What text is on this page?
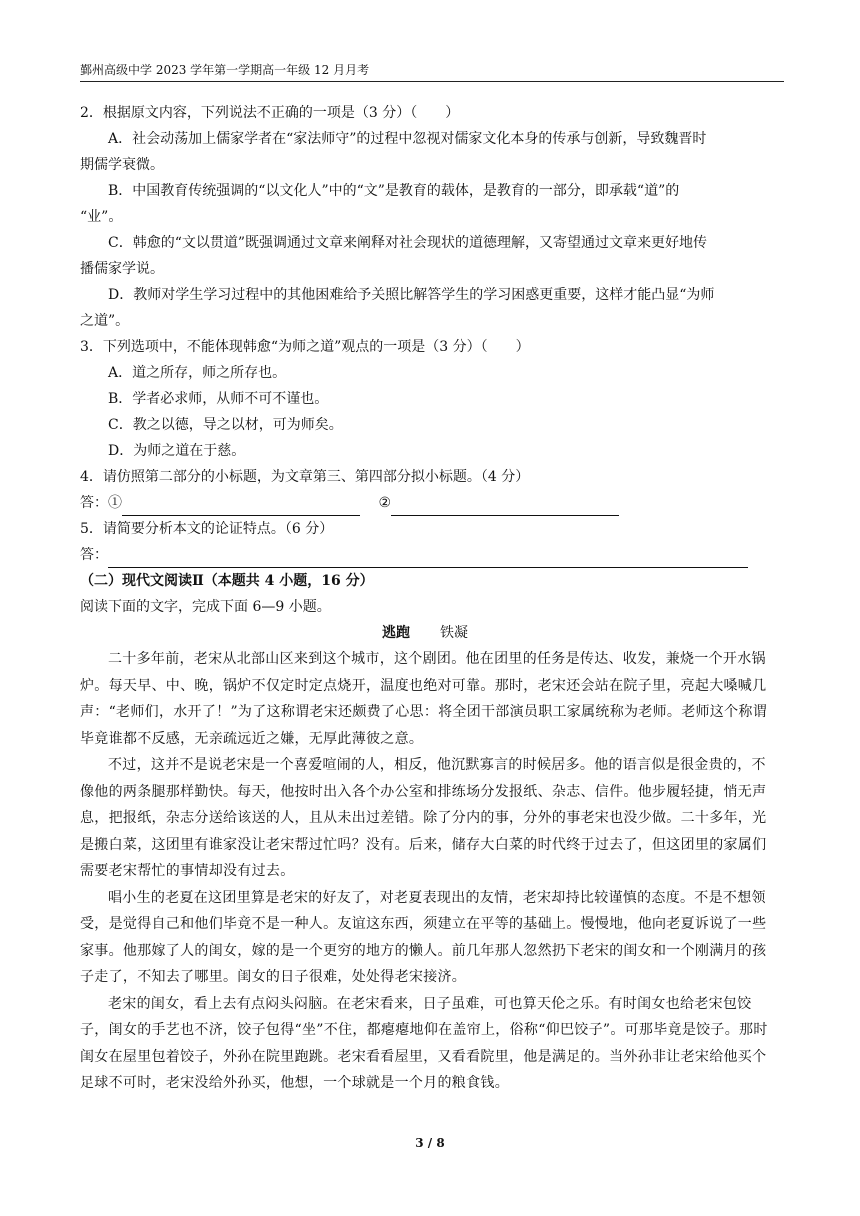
鄞州高级中学 2023 学年第一学期高一年级 12 月月考

2．根据原文内容，下列说法不正确的一项是（3 分）（　　）

A．社会动荡加上儒家学者在“家法师守”的过程中忽视对儒家文化本身的传承与创新，导致魏晋时

期儒学衰微。

B．中国教育传统强调的“以文化人”中的“文”是教育的载体，是教育的一部分，即承载“道”的

“业”。

C．韩愈的“文以贯道”既强调通过文章来阐释对社会现状的道德理解，又寄望通过文章来更好地传

播儒家学说。

D．教师对学生学习过程中的其他困难给予关照比解答学生的学习困惑更重要，这样才能凸显“为师

之道”。

3．下列选项中，不能体现韩愈“为师之道”观点的一项是（3 分）（　　）

A．道之所存，师之所存也。

B．学者必求师，从师不可不谨也。

C．教之以德，导之以材，可为师矣。

D．为师之道在于慈。

4．请仿照第二部分的小标题，为文章第三、第四部分拟小标题。（4 分）

答：①	②

5．请简要分析本文的论证特点。（6 分）

答：

（二）现代文阅读Ⅱ（本题共 4 小题，16 分）

阅读下面的文字，完成下面 6—9 小题。

逃跑 铁凝

二十多年前，老宋从北部山区来到这个城市，这个剧团。他在团里的任务是传达、收发，兼烧一个开水锅炉。每天早、中、晚，锅炉不仅定时定点烧开，温度也绝对可靠。那时，老宋还会站在院子里，亮起大嗓喊几声：“老师们，水开了！”为了这称谓老宋还颇费了心思：将全团干部演员职工家属统称为老师。老师这个称谓毕竟谁都不反感，无亲疏远近之嫌，无厚此薄彼之意。

不过，这并不是说老宋是一个喜爱喧闹的人，相反，他沉默寡言的时候居多。他的语言似是很金贵的，不像他的两条腿那样勤快。每天，他按时出入各个办公室和排练场分发报纸、杂志、信件。他步履轻捷，悄无声息，把报纸，杂志分送给该送的人，且从未出过差错。除了分内的事，分外的事老宋也没少做。二十多年，光是搬白菜，这团里有谁家没让老宋帮过忙吗？没有。后来，储存大白菜的时代终于过去了，但这团里的家属们需要老宋帮忙的事情却没有过去。

唱小生的老夏在这团里算是老宋的好友了，对老夏表现出的友情，老宋却持比较谨慎的态度。不是不想领受，是觉得自己和他们毕竟不是一种人。友谊这东西，须建立在平等的基础上。慢慢地，他向老夏诉说了一些家事。他那嫁了人的闺女，嫁的是一个更穷的地方的懒人。前几年那人忽然扔下老宋的闺女和一个刚满月的孩子走了，不知去了哪里。闺女的日子很难，处处得老宋接济。

老宋的闺女，看上去有点闷头闷脑。在老宋看来，日子虽难，可也算天伦之乐。有时闺女也给老宋包饺子，闺女的手艺也不济，饺子包得“坐”不住，都瘪瘪地仰在盖帘上，俗称“仰巴饺子”。可那毕竟是饺子。那时闺女在屋里包着饺子，外孙在院里跑跳。老宋看看屋里，又看看院里，他是满足的。当外孙非让老宋给他买个足球不可时，老宋没给外孙买，他想，一个球就是一个月的粮食钱。

3 / 8
